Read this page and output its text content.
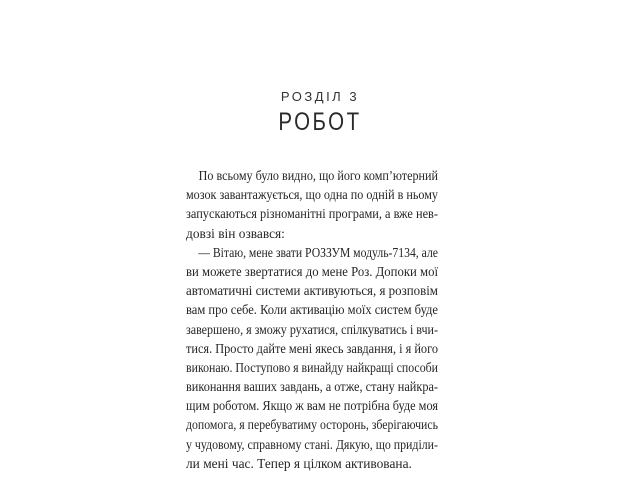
РОЗДІЛ 3
РОБОТ
По всьому було видно, що його комп’ютерний
мозок завантажується, що одна по одній в ньому
запускаються різноманітні програми, а вже нев-
довзі він озвався:
— Вітаю, мене звати РОЗЗУМ модуль-7134, але
ви можете звертатися до мене Роз. Допоки мої
автоматичні системи активуються, я розповім
вам про себе. Коли активацію моїх систем буде
завершено, я зможу рухатися, спілкуватись і вчи-
тися. Просто дайте мені якесь завдання, і я його
виконаю. Поступово я винайду найкращі способи
виконання ваших завдань, а отже, стану найкра-
щим роботом. Якщо ж вам не потрібна буде моя
допомога, я перебуватиму осторонь, зберігаючись
у чудовому, справному стані. Дякую, що приділи-
ли мені час. Тепер я цілком активована.
